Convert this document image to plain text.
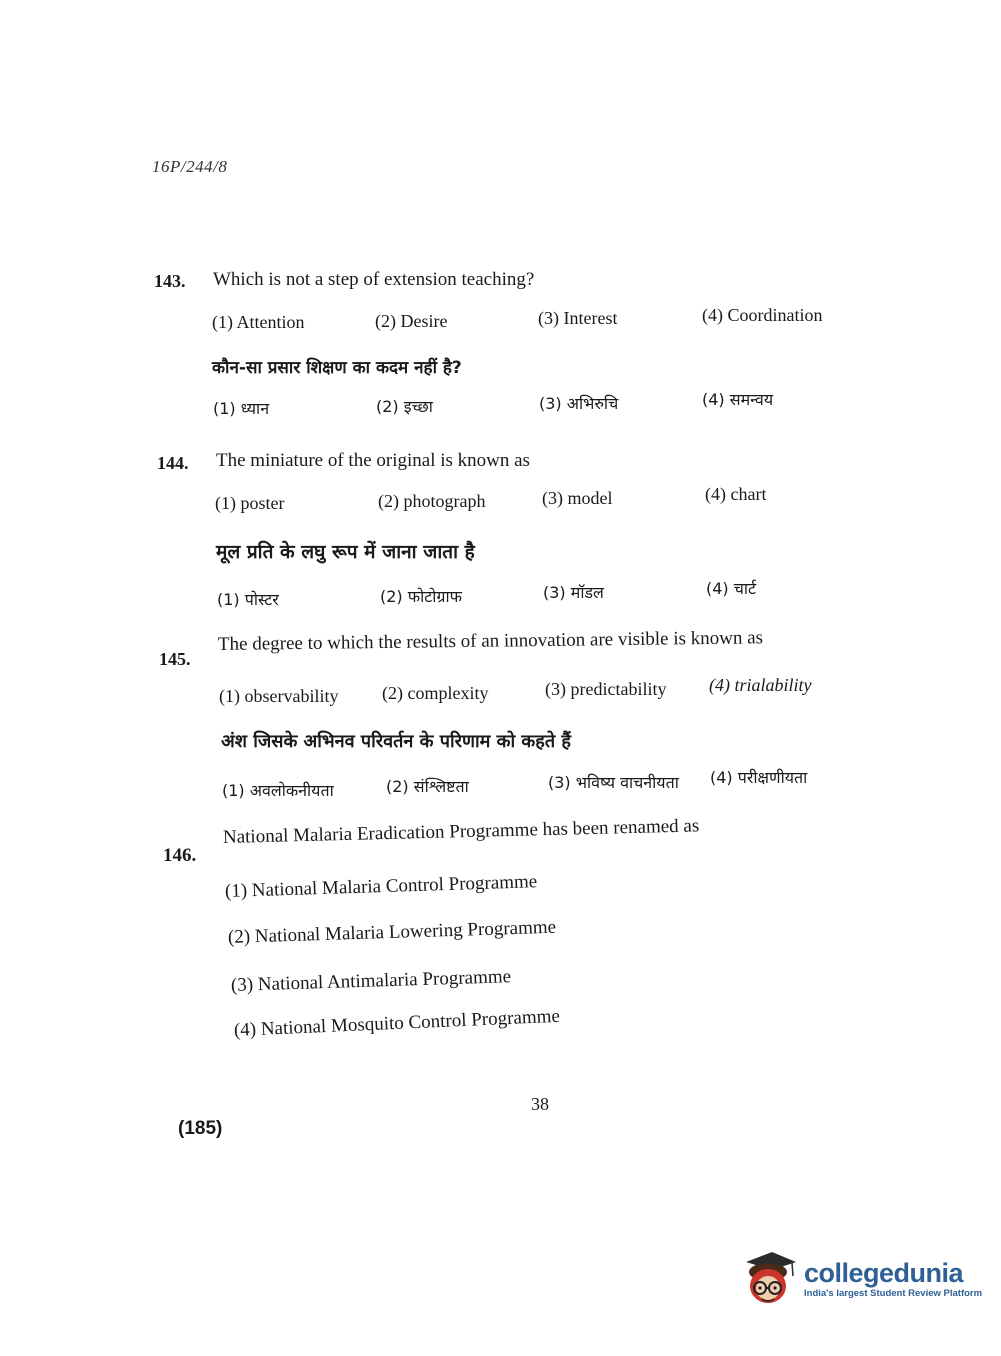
16P/244/8
143. Which is not a step of extension teaching?
(1) Attention	(2) Desire	(3) Interest	(4) Coordination
कौन-सा प्रसार शिक्षण का कदम नहीं है?
(1) ध्यान	(2) इच्छा	(3) अभिरुचि	(4) समन्वय
144. The miniature of the original is known as
(1) poster	(2) photograph	(3) model	(4) chart
मूल प्रति के लघु रूप में जाना जाता है
(1) पोस्टर	(2) फोटोग्राफ	(3) मॉडल	(4) चार्ट
145.
The degree to which the results of an innovation are visible is known as
(1) observability (2) complexity	(3) predictability (4) trialability
अंश जिसके अभिनव परिवर्तन के परिणाम को कहते हैं
(1) अवलोकनीयता	(2) संश्लिष्टता	(3) भविष्य वाचनीयता (4) परीक्षणीयता
146.
National Malaria Eradication Programme has been renamed as
(1) National Malaria Control Programme
(2) National Malaria Lowering Programme
(3) National Antimalaria Programme
(4) National Mosquito Control Programme
38
(185)
collegedunia
India's largest Student Review Platform
